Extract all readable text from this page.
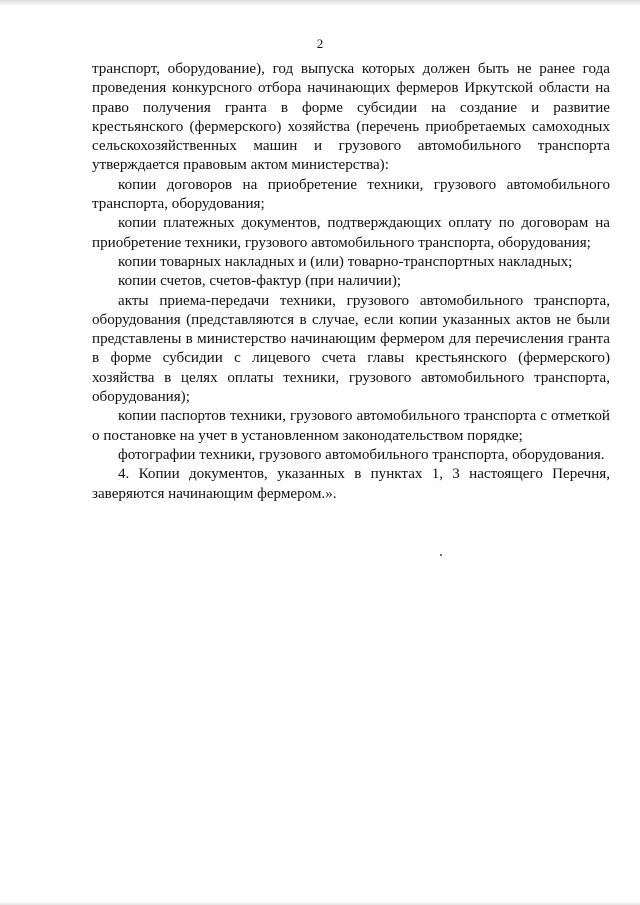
2

транспорт, оборудование), год выпуска которых должен быть не ранее года проведения конкурсного отбора начинающих фермеров Иркутской области на право получения гранта в форме субсидии на создание и развитие крестьянского (фермерского) хозяйства (перечень приобретаемых самоходных сельскохозяйственных машин и грузового автомобильного транспорта утверждается правовым актом министерства):

копии договоров на приобретение техники, грузового автомобильного транспорта, оборудования;

копии платежных документов, подтверждающих оплату по договорам на приобретение техники, грузового автомобильного транспорта, оборудования;

копии товарных накладных и (или) товарно-транспортных накладных;

копии счетов, счетов-фактур (при наличии);

акты приема-передачи техники, грузового автомобильного транспорта, оборудования (представляются в случае, если копии указанных актов не были представлены в министерство начинающим фермером для перечисления гранта в форме субсидии с лицевого счета главы крестьянского (фермерского) хозяйства в целях оплаты техники, грузового автомобильного транспорта, оборудования);

копии паспортов техники, грузового автомобильного транспорта с отметкой о постановке на учет в установленном законодательством порядке;

фотографии техники, грузового автомобильного транспорта, оборудования.

4. Копии документов, указанных в пунктах 1, 3 настоящего Перечня, заверяются начинающим фермером.».
